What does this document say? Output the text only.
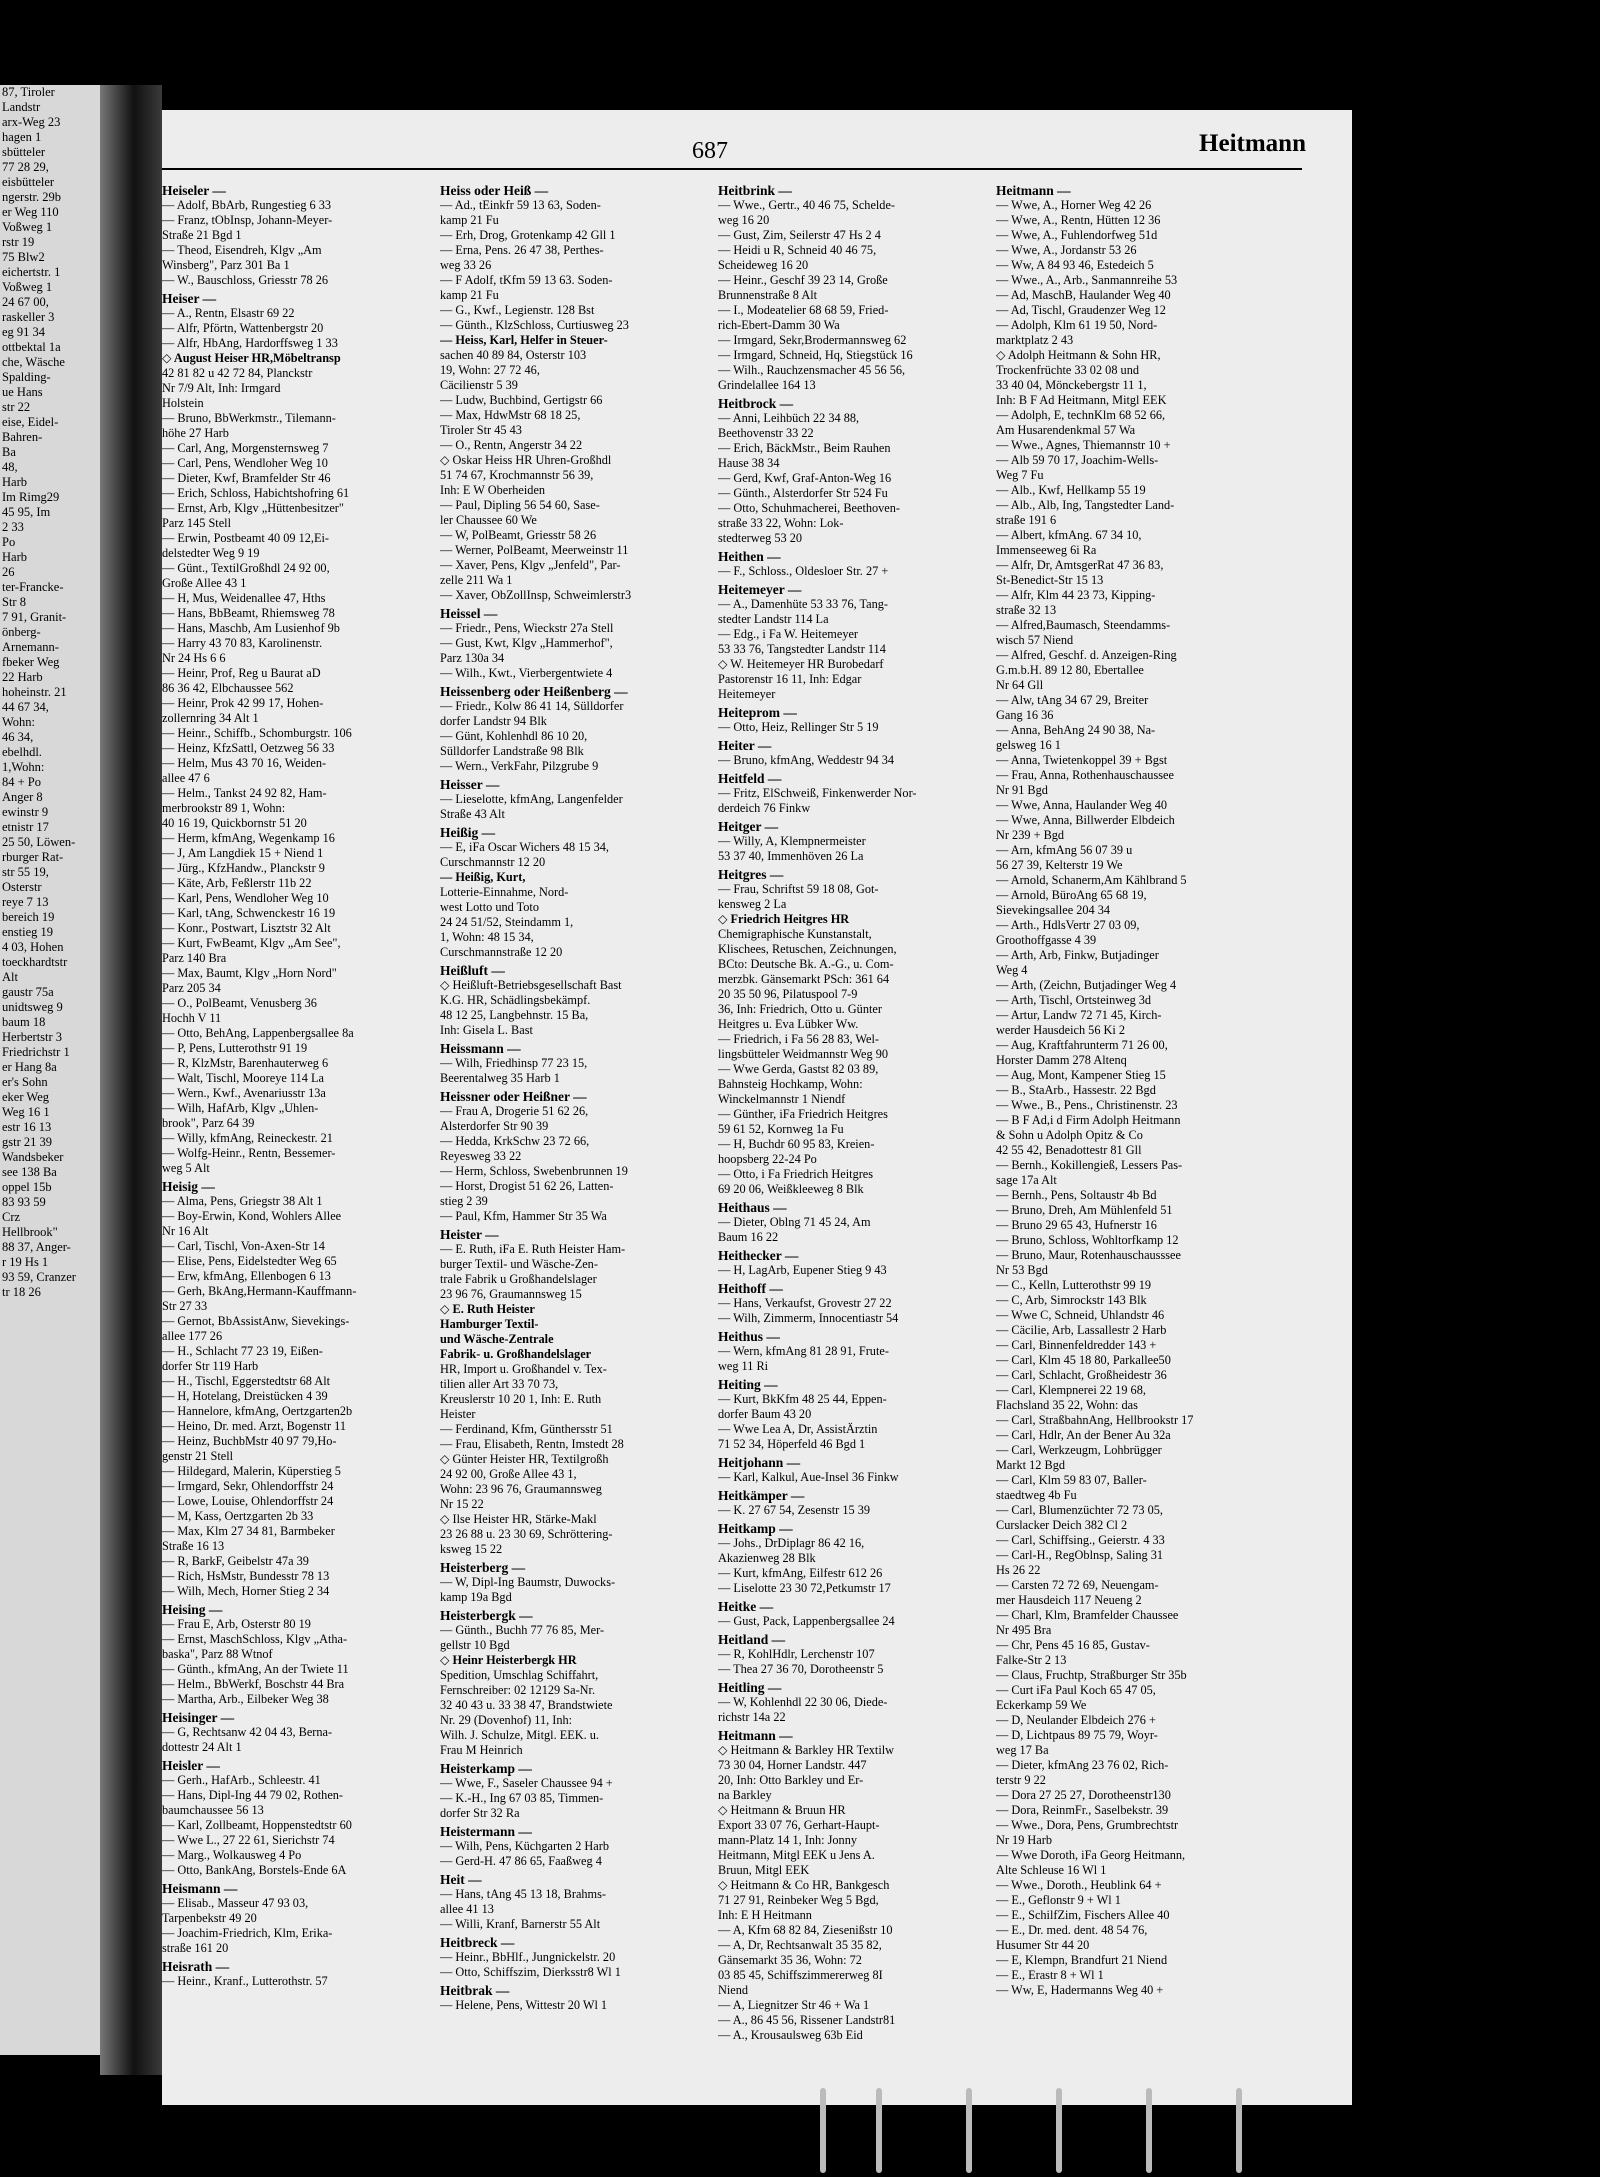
87, Tiroler
Landstr
arx-Weg 23
hagen 1
sbütteler
77 28 29,
eisbütteler
ngerstr. 29b
er Weg 110
Voßweg 1
rstr 19
75 Blw2
eichertstr. 1
Voßweg 1
24 67 00,
raskeller 3
eg 91 34
ottbektal 1a
che, Wäsche
Spalding-
ue Hans
str 22
eise, Eidel-
Bahren-
Ba
48,
Harb
Im Rimg29
45 95, Im
2 33
Po
Harb
26
ter-Francke-
Str 8
7 91, Granit-
önberg-
Arnemann-
fbeker Weg
22 Harb
hoheinstr. 21
44 67 34,
Wohn:
46 34,
ebelhdl.
1,Wohn:
84 + Po
Anger 8
ewinstr 9
etnistr 17
25 50, Löwen-
rburger Rat-
str 55 19,
Osterstr
reye 7 13
bereich 19
enstieg 19
4 03, Hohen
toeckhardtstr
Alt
gaustr 75a
unidtsweg 9
baum 18
Herbertstr 3
Friedrichstr 1
er Hang 8a
er's Sohn
eker Weg
Weg 16 1
estr 16 13
gstr 21 39
Wandsbeker
see 138 Ba
oppel 15b
83 93 59
Crz
Hellbrook"
88 37, Anger-
r 19 Hs 1
93 59, Cranzer
tr 18 26
687	Heitmann
Heiseler —
— Adolf, BbArb, Rungestieg 6 33
— Franz, tObInsp, Johann-Meyer-
Straße 21 Bgd 1
— Theod, Eisendreh, Klgv „Am
Winsberg", Parz 301 Ba 1
— W., Bauschloss, Griesstr 78 26
Heiser —
— A., Rentn, Elsastr 69 22
— Alfr, Pförtn, Wattenbergstr 20
— Alfr, HbAng, Hardorffsweg 1 33
◇ August Heiser HR,Möbeltransp
42 81 82 u 42 72 84, Planckstr
Nr 7/9 Alt, Inh: Irmgard
Holstein
— Bruno, BbWerkmstr., Tilemann-
höhe 27 Harb
— Carl, Ang, Morgensternsweg 7
— Carl, Pens, Wendloher Weg 10
— Dieter, Kwf, Bramfelder Str 46
— Erich, Schloss, Habichtshofring 61
— Ernst, Arb, Klgv „Hüttenbesitzer"
Parz 145 Stell
— Erwin, Postbeamt 40 09 12,Ei-
delstedter Weg 9 19
— Günt., TextilGroßhdl 24 92 00,
Große Allee 43 1
— H, Mus, Weidenallee 47, Hths
— Hans, BbBeamt, Rhiemsweg 78
— Hans, Maschb, Am Lusienhof 9b
— Harry 43 70 83, Karolinenstr.
Nr 24 Hs 6 6
— Heinr, Prof, Reg u Baurat aD
86 36 42, Elbchaussee 562
— Heinr, Prok 42 99 17, Hohen-
zollernring 34 Alt 1
— Heinr., Schiffb., Schomburgstr. 106
— Heinz, KfzSattl, Oetzweg 56 33
— Helm, Mus 43 70 16, Weiden-
allee 47 6
— Helm., Tankst 24 92 82, Ham-
merbrookstr 89 1, Wohn:
40 16 19, Quickbornstr 51 20
— Herm, kfmAng, Wegenkamp 16
— J, Am Langdiek 15 + Niend 1
— Jürg., KfzHandw., Planckstr 9
— Käte, Arb, Feßlerstr 11b 22
— Karl, Pens, Wendloher Weg 10
— Karl, tAng, Schwenckestr 16 19
— Konr., Postwart, Lisztstr 32 Alt
— Kurt, FwBeamt, Klgv „Am See",
Parz 140 Bra
— Max, Baumt, Klgv „Horn Nord"
Parz 205 34
— O., PolBeamt, Venusberg 36
Hochh V 11
— Otto, BehAng, Lappenbergsallee 8a
— P, Pens, Lutterothstr 91 19
— R, KlzMstr, Barenhauterweg 6
— Walt, Tischl, Mooreye 114 La
— Wern., Kwf., Avenariusstr 13a
— Wilh, HafArb, Klgv „Uhlen-
brook", Parz 64 39
— Willy, kfmAng, Reineckestr. 21
— Wolfg-Heinr., Rentn, Bessemer-
weg 5 Alt
Heisig —
— Alma, Pens, Griegstr 38 Alt 1
— Boy-Erwin, Kond, Wohlers Allee
Nr 16 Alt
— Carl, Tischl, Von-Axen-Str 14
— Elise, Pens, Eidelstedter Weg 65
— Erw, kfmAng, Ellenbogen 6 13
— Gerh, BkAng,Hermann-Kauffmann-
Str 27 33
— Gernot, BbAssistAnw, Sievekings-
allee 177 26
— H., Schlacht 77 23 19, Eißen-
dorfer Str 119 Harb
— H., Tischl, Eggerstedtstr 68 Alt
— H, Hotelang, Dreistücken 4 39
— Hannelore, kfmAng, Oertzgarten2b
— Heino, Dr. med. Arzt, Bogenstr 11
— Heinz, BuchbMstr 40 97 79,Ho-
genstr 21 Stell
— Hildegard, Malerin, Küperstieg 5
— Irmgard, Sekr, Ohlendorffstr 24
— Lowe, Louise, Ohlendorffstr 24
— M, Kass, Oertzgarten 2b 33
— Max, Klm 27 34 81, Barmbeker
Straße 16 13
— R, BarkF, Geibelstr 47a 39
— Rich, HsMstr, Bundesstr 78 13
— Wilh, Mech, Horner Stieg 2 34
Heising —
— Frau E, Arb, Osterstr 80 19
— Ernst, MaschSchloss, Klgv „Atha-
baska", Parz 88 Wtnof
— Günth., kfmAng, An der Twiete 11
— Helm., BbWerkf, Boschstr 44 Bra
— Martha, Arb., Eilbeker Weg 38
Heisinger —
— G, Rechtsanw 42 04 43, Berna-
dottestr 24 Alt 1
Heisler —
— Gerh., HafArb., Schleestr. 41
— Hans, Dipl-Ing 44 79 02, Rothen-
baumchaussee 56 13
— Karl, Zollbeamt, Hoppenstedtstr 60
— Wwe L., 27 22 61, Sierichstr 74
— Marg., Wolkausweg 4 Po
— Otto, BankAng, Borstels-Ende 6A
Heismann —
— Elisab., Masseur 47 93 03,
Tarpenbekstr 49 20
— Joachim-Friedrich, Klm, Erika-
straße 161 20
Heisrath —
— Heinr., Kranf., Lutterothstr. 57
Heiss oder Heiß —
— Ad., tEinkfr 59 13 63, Soden-
kamp 21 Fu
— Erh, Drog, Grotenkamp 42 Gll 1
— Erna, Pens. 26 47 38, Perthes-
weg 33 26
— F Adolf, tKfm 59 13 63. Soden-
kamp 21 Fu
— G., Kwf., Legienstr. 128 Bst
— Günth., KlzSchloss, Curtiusweg 23
— Heiss, Karl, Helfer in Steuer-
sachen 40 89 84, Osterstr 103
19, Wohn: 27 72 46,
Cäcilienstr 5 39
— Ludw, Buchbind, Gertigstr 66
— Max, HdwMstr 68 18 25,
Tiroler Str 45 43
— O., Rentn, Angerstr 34 22
◇ Oskar Heiss HR Uhren-Großhdl
51 74 67, Krochmannstr 56 39,
Inh: E W Oberheiden
— Paul, Dipling 56 54 60, Sase-
ler Chaussee 60 We
— W, PolBeamt, Griesstr 58 26
— Werner, PolBeamt, Meerweinstr 11
— Xaver, Pens, Klgv „Jenfeld", Par-
zelle 211 Wa 1
— Xaver, ObZollInsp, Schweimlerstr3
Heissel —
— Friedr., Pens, Wieckstr 27a Stell
— Gust, Kwt, Klgv „Hammerhof",
Parz 130a 34
— Wilh., Kwt., Vierbergentwiete 4
Heissenberg oder Heißenberg —
— Friedr., Kolw 86 41 14, Sülldorfer
dorfer Landstr 94 Blk
— Günt, Kohlenhdl 86 10 20,
Sülldorfer Landstraße 98 Blk
— Wern., VerkFahr, Pilzgrube 9
Heisser —
— Lieselotte, kfmAng, Langenfelder
Straße 43 Alt
Heißig —
— E, iFa Oscar Wichers 48 15 34,
Curschmannstr 12 20
— Heißig, Kurt,
Lotterie-Einnahme, Nord-
west Lotto und Toto
24 24 51/52, Steindamm 1,
1, Wohn: 48 15 34,
Curschmannstraße 12 20
Heißluft —
◇ Heißluft-Betriebsgesellschaft Bast
K.G. HR, Schädlingsbekämpf.
48 12 25, Langbehnstr. 15 Ba,
Inh: Gisela L. Bast
Heissmann —
— Wilh, Friedhinsp 77 23 15,
Beerentalweg 35 Harb 1
Heissner oder Heißner —
— Frau A, Drogerie 51 62 26,
Alsterdorfer Str 90 39
— Hedda, KrkSchw 23 72 66,
Reyesweg 33 22
— Herm, Schloss, Swebenbrunnen 19
— Horst, Drogist 51 62 26, Latten-
stieg 2 39
— Paul, Kfm, Hammer Str 35 Wa
Heister —
— E. Ruth, iFa E. Ruth Heister Ham-
burger Textil- und Wäsche-Zen-
trale Fabrik u Großhandelslager
23 96 76, Graumannsweg 15
◇ E. Ruth Heister
Hamburger Textil-
und Wäsche-Zentrale
Fabrik- u. Großhandelslager
HR, Import u. Großhandel v. Tex-
tilien aller Art 33 70 73,
Kreuslerstr 10 20 1, Inh: E. Ruth
Heister
— Ferdinand, Kfm, Günthersstr 51
— Frau, Elisabeth, Rentn, Imstedt 28
◇ Günter Heister HR, Textilgroßh
24 92 00, Große Allee 43 1,
Wohn: 23 96 76, Graumannsweg
Nr 15 22
◇ Ilse Heister HR, Stärke-Makl
23 26 88 u. 23 30 69, Schröttering-
ksweg 15 22
Heisterberg —
— W, Dipl-Ing Baumstr, Duwocks-
kamp 19a Bgd
Heisterbergk —
— Günth., Buchh 77 76 85, Mer-
gellstr 10 Bgd
◇ Heinr Heisterbergk HR
Spedition, Umschlag Schiffahrt,
Fernschreiber: 02 12129 Sa-Nr.
32 40 43 u. 33 38 47, Brandstwiete
Nr. 29 (Dovenhof) 11, Inh:
Wilh. J. Schulze, Mitgl. EEK. u.
Frau M Heinrich
Heisterkamp —
— Wwe, F., Saseler Chaussee 94 +
— K.-H., Ing 67 03 85, Timmen-
dorfer Str 32 Ra
Heistermann —
— Wilh, Pens, Küchgarten 2 Harb
— Gerd-H. 47 86 65, Faaßweg 4
Heit —
— Hans, tAng 45 13 18, Brahms-
allee 41 13
— Willi, Kranf, Barnerstr 55 Alt
Heitbreck —
— Heinr., BbHlf., Jungnickelstr. 20
— Otto, Schiffszim, Dierksstr8 Wl 1
Heitbrak —
— Helene, Pens, Wittestr 20 Wl 1
Heitbrink —
— Wwe., Gertr., 40 46 75, Schelde-
weg 16 20
— Gust, Zim, Seilerstr 47 Hs 2 4
— Heidi u R, Schneid 40 46 75,
Scheideweg 16 20
— Heinr., Geschf 39 23 14, Große
Brunnenstraße 8 Alt
— I., Modeatelier 68 68 59, Fried-
rich-Ebert-Damm 30 Wa
— Irmgard, Sekr,Brodermannsweg 62
— Irmgard, Schneid, Hq, Stiegstück 16
— Wilh., Rauchzensmacher 45 56 56,
Grindelallee 164 13
Heitbrock —
— Anni, Leihbüch 22 34 88,
Beethovenstr 33 22
— Erich, BäckMstr., Beim Rauhen
Hause 38 34
— Gerd, Kwf, Graf-Anton-Weg 16
— Günth., Alsterdorfer Str 524 Fu
— Otto, Schuhmacherei, Beethoven-
straße 33 22, Wohn: Lok-
stedterweg 53 20
Heithen —
— F., Schloss., Oldesloer Str. 27 +
Heitemeyer —
— A., Damenhüte 53 33 76, Tang-
stedter Landstr 114 La
— Edg., i Fa W. Heitemeyer
53 33 76, Tangstedter Landstr 114
◇ W. Heitemeyer HR Burobedarf
Pastorenstr 16 11, Inh: Edgar
Heitemeyer
Heiteprom —
— Otto, Heiz, Rellinger Str 5 19
Heiter —
— Bruno, kfmAng, Weddestr 94 34
Heitfeld —
— Fritz, ElSchweiß, Finkenwerder Nor-
derdeich 76 Finkw
Heitger —
— Willy, A, Klempnermeister
53 37 40, Immenhöven 26 La
Heitgres —
— Frau, Schriftst 59 18 08, Got-
kensweg 2 La
◇ Friedrich Heitgres HR
Chemigraphische Kunstanstalt,
Klischees, Retuschen, Zeichnungen,
BCto: Deutsche Bk. A.-G., u. Com-
merzbk. Gänsemarkt PSch: 361 64
20 35 50 96, Pilatuspool 7-9
36, Inh: Friedrich, Otto u. Günter
Heitgres u. Eva Lübker Ww.
— Friedrich, i Fa 56 28 83, Wel-
lingsbütteler Weidmannstr Weg 90
— Wwe Gerda, Gastst 82 03 89,
Bahnsteig Hochkamp, Wohn:
Winckelmannstr 1 Niendf
— Günther, iFa Friedrich Heitgres
59 61 52, Kornweg 1a Fu
— H, Buchdr 60 95 83, Kreien-
hoopsberg 22-24 Po
— Otto, i Fa Friedrich Heitgres
69 20 06, Weißkleeweg 8 Blk
Heithaus —
— Dieter, Oblng 71 45 24, Am
Baum 16 22
Heithecker —
— H, LagArb, Eupener Stieg 9 43
Heithoff —
— Hans, Verkaufst, Grovestr 27 22
— Wilh, Zimmerm, Innocentiastr 54
Heithus —
— Wern, kfmAng 81 28 91, Frute-
weg 11 Ri
Heiting —
— Kurt, BkKfm 48 25 44, Eppen-
dorfer Baum 43 20
— Wwe Lea A, Dr, AssistÄrztin
71 52 34, Höperfeld 46 Bgd 1
Heitjohann —
— Karl, Kalkul, Aue-Insel 36 Finkw
Heitkämper —
— K. 27 67 54, Zesenstr 15 39
Heitkamp —
— Johs., DrDiplagr 86 42 16,
Akazienweg 28 Blk
— Kurt, kfmAng, Eilfestr 612 26
— Liselotte 23 30 72,Petkumstr 17
Heitke —
— Gust, Pack, Lappenbergsallee 24
Heitland —
— R, KohlHdlr, Lerchenstr 107
— Thea 27 36 70, Dorotheenstr 5
Heitling —
— W, Kohlenhdl 22 30 06, Diede-
richstr 14a 22
Heitmann —
◇ Heitmann & Barkley HR Textilw
73 30 04, Horner Landstr. 447
20, Inh: Otto Barkley und Er-
na Barkley
◇ Heitmann & Bruun HR
Export 33 07 76, Gerhart-Haupt-
mann-Platz 14 1, Inh: Jonny
Heitmann, Mitgl EEK u Jens A.
Bruun, Mitgl EEK
◇ Heitmann & Co HR, Bankgesch
71 27 91, Reinbeker Weg 5 Bgd,
Inh: E H Heitmann
— A, Kfm 68 82 84, Ziesenißstr 10
— A, Dr, Rechtsanwalt 35 35 82,
Gänsemarkt 35 36, Wohn: 72
03 85 45, Schiffszimmererweg 8I
Niend
— A, Liegnitzer Str 46 + Wa 1
— A., 86 45 56, Rissener Landstr81
— A., Krousaulsweg 63b Eid
Heitmann —
— Wwe, A., Horner Weg 42 26
— Wwe, A., Rentn, Hütten 12 36
— Wwe, A., Fuhlendorfweg 51d
— Wwe, A., Jordanstr 53 26
— Ww, A 84 93 46, Estedeich 5
— Wwe., A., Arb., Sanmannreihe 53
— Ad, MaschB, Haulander Weg 40
— Ad, Tischl, Graudenzer Weg 12
— Adolph, Klm 61 19 50, Nord-
marktplatz 2 43
◇ Adolph Heitmann & Sohn HR,
Trockenfrüchte 33 02 08 und
33 40 04, Mönckebergstr 11 1,
Inh: B F Ad Heitmann, Mitgl EEK
— Adolph, E, technKlm 68 52 66,
Am Husarendenkmal 57 Wa
— Wwe., Agnes, Thiemannstr 10 +
— Alb 59 70 17, Joachim-Wells-
Weg 7 Fu
— Alb., Kwf, Hellkamp 55 19
— Alb., Alb, Ing, Tangstedter Land-
straße 191 6
— Albert, kfmAng. 67 34 10,
Immenseeweg 6i Ra
— Alfr, Dr, AmtsgerRat 47 36 83,
St-Benedict-Str 15 13
— Alfr, Klm 44 23 73, Kipping-
straße 32 13
— Alfred,Baumasch, Steendamms-
wisch 57 Niend
— Alfred, Geschf. d. Anzeigen-Ring
G.m.b.H. 89 12 80, Ebertallee
Nr 64 Gll
— Alw, tAng 34 67 29, Breiter
Gang 16 36
— Anna, BehAng 24 90 38, Na-
gelsweg 16 1
— Anna, Twietenkoppel 39 + Bgst
— Frau, Anna, Rothenhauschaussee
Nr 91 Bgd
— Wwe, Anna, Haulander Weg 40
— Wwe, Anna, Billwerder Elbdeich
Nr 239 + Bgd
— Arn, kfmAng 56 07 39 u
56 27 39, Kelterstr 19 We
— Arnold, Schanerm,Am Kählbrand 5
— Arnold, BüroAng 65 68 19,
Sievekingsallee 204 34
— Arth., HdlsVertr 27 03 09,
Groothoffgasse 4 39
— Arth, Arb, Finkw, Butjadinger
Weg 4
— Arth, (Zeichn, Butjadinger Weg 4
— Arth, Tischl, Ortsteinweg 3d
— Artur, Landw 72 71 45, Kirch-
werder Hausdeich 56 Ki 2
— Aug, Kraftfahrunterm 71 26 00,
Horster Damm 278 Altenq
— Aug, Mont, Kampener Stieg 15
— B., StaArb., Hassestr. 22 Bgd
— Wwe., B., Pens., Christinenstr. 23
— B F Ad,i d Firm Adolph Heitmann
& Sohn u Adolph Opitz & Co
42 55 42, Benadottestr 81 Gll
— Bernh., Kokillengieß, Lessers Pas-
sage 17a Alt
— Bernh., Pens, Soltaustr 4b Bd
— Bruno, Dreh, Am Mühlenfeld 51
— Bruno 29 65 43, Hufnerstr 16
— Bruno, Schloss, Wohltorfkamp 12
— Bruno, Maur, Rotenhauschausssee
Nr 53 Bgd
— C., Kelln, Lutterothstr 99 19
— C, Arb, Simrockstr 143 Blk
— Wwe C, Schneid, Uhlandstr 46
— Cäcilie, Arb, Lassallestr 2 Harb
— Carl, Binnenfeldredder 143 +
— Carl, Klm 45 18 80, Parkallee50
— Carl, Schlacht, Großheidestr 36
— Carl, Klempnerei 22 19 68,
Flachsland 35 22, Wohn: das
— Carl, StraßbahnAng, Hellbrookstr 17
— Carl, Hdlr, An der Bener Au 32a
— Carl, Werkzeugm, Lohbrügger
Markt 12 Bgd
— Carl, Klm 59 83 07, Baller-
staedtweg 4b Fu
— Carl, Blumenzüchter 72 73 05,
Curslacker Deich 382 Cl 2
— Carl, Schiffsing., Geierstr. 4 33
— Carl-H., RegOblnsp, Saling 31
Hs 26 22
— Carsten 72 72 69, Neuengam-
mer Hausdeich 117 Neueng 2
— Charl, Klm, Bramfelder Chaussee
Nr 495 Bra
— Chr, Pens 45 16 85, Gustav-
Falke-Str 2 13
— Claus, Fruchtp, Straßburger Str 35b
— Curt iFa Paul Koch 65 47 05,
Eckerkamp 59 We
— D, Neulander Elbdeich 276 +
— D, Lichtpaus 89 75 79, Woyr-
weg 17 Ba
— Dieter, kfmAng 23 76 02, Rich-
terstr 9 22
— Dora 27 25 27, Dorotheenstr130
— Dora, ReinmFr., Saselbekstr. 39
— Wwe., Dora, Pens, Grumbrechtstr
Nr 19 Harb
— Wwe Doroth, iFa Georg Heitmann,
Alte Schleuse 16 Wl 1
— Wwe., Doroth., Heublink 64 +
— E., Geflonstr 9 + Wl 1
— E., SchilfZim, Fischers Allee 40
— E., Dr. med. dent. 48 54 76,
Husumer Str 44 20
— E, Klempn, Brandfurt 21 Niend
— E., Erastr 8 + Wl 1
— Ww, E, Hadermanns Weg 40 +
